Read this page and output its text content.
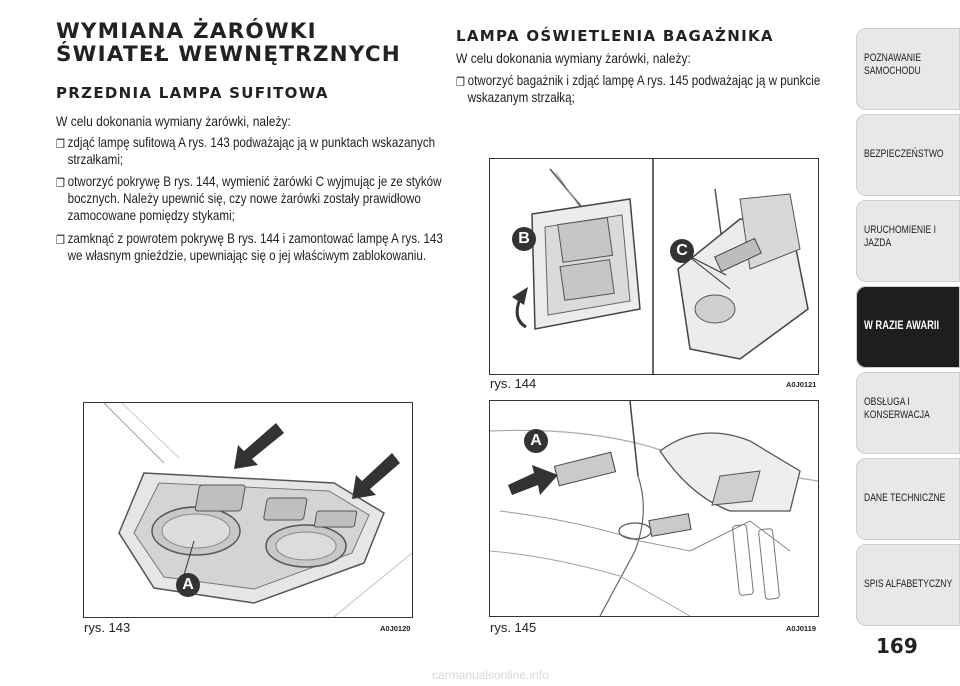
WYMIANA ŻARÓWKI ŚWIATEŁ WEWNĘTRZNYCH
PRZEDNIA LAMPA SUFITOWA

W celu dokonania wymiany żarówki, należy:

❒ zdjąć lampę sufitową A rys. 143 podważając ją w punktach wskazanych strzałkami;
❒ otworzyć pokrywę B rys. 144, wymienić żarówki C wyjmując je ze styków bocznych. Należy upewnić się, czy nowe żarówki zostały prawidłowo zamocowane pomiędzy stykami;
❒ zamknąć z powrotem pokrywę B rys. 144 i zamontować lampę A rys. 143 we własnym gnieździe, upewniając się o jej właściwym zablokowaniu.
A
rys. 143	A0J0120
LAMPA OŚWIETLENIA BAGAŻNIKA

W celu dokonania wymiany żarówki, należy:

❒ otworzyć bagażnik i zdjąć lampę A rys. 145 podważając ją w punkcie wskazanym strzałką;
B
C
rys. 144	A0J0121
A
rys. 145	A0J0119
POZNAWANIE SAMOCHODU
BEZPIECZEŃSTWO
URUCHOMIENIE I JAZDA
W RAZIE AWARII
OBSŁUGA I KONSERWACJA
DANE TECHNICZNE
SPIS ALFABETYCZNY
169
carmanualsonline.info
